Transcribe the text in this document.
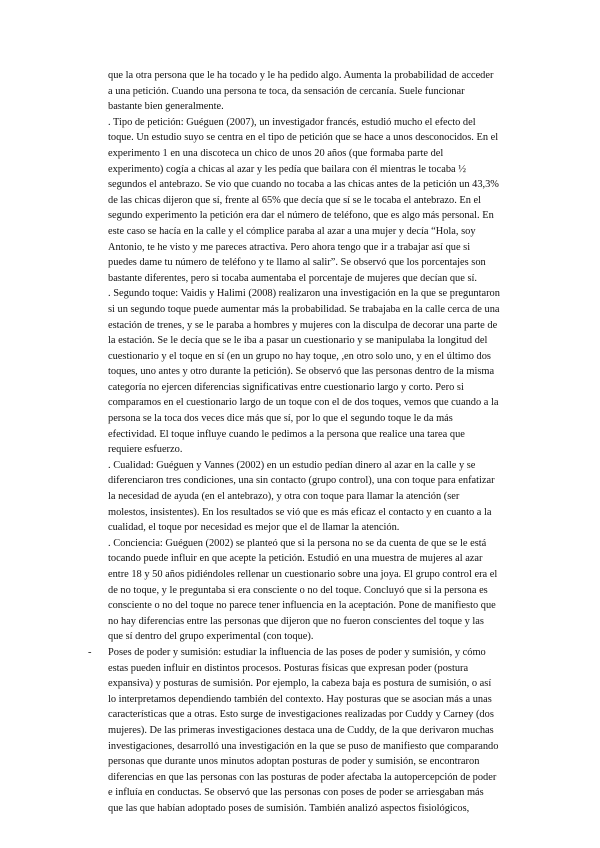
que la otra persona que le ha tocado y le ha pedido algo. Aumenta la probabilidad de acceder
a una petición. Cuando una persona te toca, da sensación de cercanía. Suele funcionar
bastante bien generalmente.
. Tipo de petición: Guéguen (2007), un investigador francés, estudió mucho el efecto del
toque. Un estudio suyo se centra en el tipo de petición que se hace a unos desconocidos. En el
experimento 1 en una discoteca un chico de unos 20 años (que formaba parte del
experimento) cogía a chicas al azar y les pedía que bailara con él mientras le tocaba ½
segundos el antebrazo. Se vio que cuando no tocaba a las chicas antes de la petición un 43,3%
de las chicas dijeron que sí, frente al 65% que decía que sí se le tocaba el antebrazo. En el
segundo experimento la petición era dar el número de teléfono, que es algo más personal. En
este caso se hacía en la calle y el cómplice paraba al azar a una mujer y decía “Hola, soy
Antonio, te he visto y me pareces atractiva. Pero ahora tengo que ir a trabajar así que si
puedes dame tu número de teléfono y te llamo al salir”. Se observó que los porcentajes son
bastante diferentes, pero si tocaba aumentaba el porcentaje de mujeres que decían que sí.
. Segundo toque: Vaidis y Halimi (2008) realizaron una investigación en la que se preguntaron
si un segundo toque puede aumentar más la probabilidad. Se trabajaba en la calle cerca de una
estación de trenes, y se le paraba a hombres y mujeres con la disculpa de decorar una parte de
la estación. Se le decía que se le iba a pasar un cuestionario y se manipulaba la longitud del
cuestionario y el toque en sí (en un grupo no hay toque, ,en otro solo uno, y en el último dos
toques, uno antes y otro durante la petición). Se observó que las personas dentro de la misma
categoría no ejercen diferencias significativas entre cuestionario largo y corto. Pero si
comparamos en el cuestionario largo de un toque con el de dos toques, vemos que cuando a la
persona se la toca dos veces dice más que sí, por lo que el segundo toque le da más
efectividad. El toque influye cuando le pedimos a la persona que realice una tarea que
requiere esfuerzo.
. Cualidad: Guéguen y Vannes (2002) en un estudio pedían dinero al azar en la calle y se
diferenciaron tres condiciones, una sin contacto (grupo control), una con toque para enfatizar
la necesidad de ayuda (en el antebrazo), y otra con toque para llamar la atención (ser
molestos, insistentes). En los resultados se vió que es más eficaz el contacto y en cuanto a la
cualidad, el toque por necesidad es mejor que el de llamar la atención.
. Conciencia: Guéguen (2002) se planteó que si la persona no se da cuenta de que se le está
tocando puede influir en que acepte la petición. Estudió en una muestra de mujeres al azar
entre 18 y 50 años pidiéndoles rellenar un cuestionario sobre una joya. El grupo control era el
de no toque, y le preguntaba si era consciente o no del toque. Concluyó que si la persona es
consciente o no del toque no parece tener influencia en la aceptación. Pone de manifiesto que
no hay diferencias entre las personas que dijeron que no fueron conscientes del toque y las
que sí dentro del grupo experimental (con toque).
- Poses de poder y sumisión: estudiar la influencia de las poses de poder y sumisión, y cómo
estas pueden influir en distintos procesos. Posturas físicas que expresan poder (postura
expansiva) y posturas de sumisión. Por ejemplo, la cabeza baja es postura de sumisión, o así
lo interpretamos dependiendo también del contexto. Hay posturas que se asocian más a unas
características que a otras. Esto surge de investigaciones realizadas por Cuddy y Carney (dos
mujeres). De las primeras investigaciones destaca una de Cuddy, de la que derivaron muchas
investigaciones, desarrolló una investigación en la que se puso de manifiesto que comparando
personas que durante unos minutos adoptan posturas de poder y sumisión, se encontraron
diferencias en que las personas con las posturas de poder afectaba la autopercepción de poder
e influía en conductas. Se observó que las personas con poses de poder se arriesgaban más
que las que habían adoptado poses de sumisión. También analizó aspectos fisiológicos,
